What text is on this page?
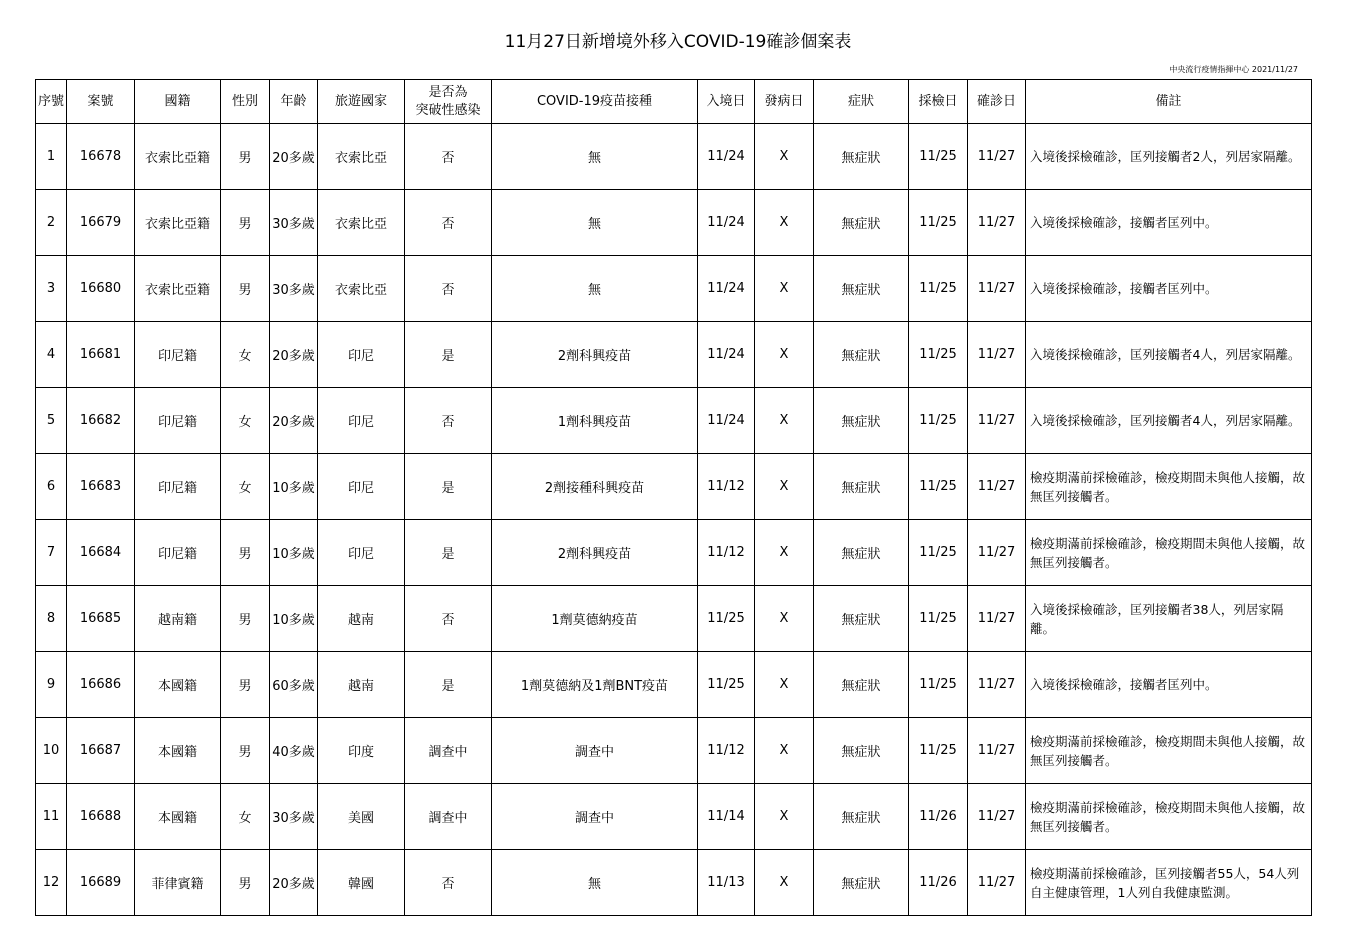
11月27日新增境外移入COVID-19確診個案表
中央流行疫情指揮中心 2021/11/27
序號	案號	國籍	性別	年齡	旅遊國家	是否為
突破性感染	COVID-19疫苗接種	入境日	發病日	症狀	採檢日	確診日	備註
1	16678	衣索比亞籍	男	20多歲	衣索比亞	否	無	11/24	X	無症狀	11/25	11/27	入境後採檢確診，匡列接觸者2人，列居家隔離。
2	16679	衣索比亞籍	男	30多歲	衣索比亞	否	無	11/24	X	無症狀	11/25	11/27	入境後採檢確診，接觸者匡列中。
3	16680	衣索比亞籍	男	30多歲	衣索比亞	否	無	11/24	X	無症狀	11/25	11/27	入境後採檢確診，接觸者匡列中。
4	16681	印尼籍	女	20多歲	印尼	是	2劑科興疫苗	11/24	X	無症狀	11/25	11/27	入境後採檢確診，匡列接觸者4人，列居家隔離。
5	16682	印尼籍	女	20多歲	印尼	否	1劑科興疫苗	11/24	X	無症狀	11/25	11/27	入境後採檢確診，匡列接觸者4人，列居家隔離。
6	16683	印尼籍	女	10多歲	印尼	是	2劑接種科興疫苗	11/12	X	無症狀	11/25	11/27	檢疫期滿前採檢確診，檢疫期間未與他人接觸，故無匡列接觸者。
7	16684	印尼籍	男	10多歲	印尼	是	2劑科興疫苗	11/12	X	無症狀	11/25	11/27	檢疫期滿前採檢確診，檢疫期間未與他人接觸，故無匡列接觸者。
8	16685	越南籍	男	10多歲	越南	否	1劑莫德納疫苗	11/25	X	無症狀	11/25	11/27	入境後採檢確診，匡列接觸者38人，列居家隔離。
9	16686	本國籍	男	60多歲	越南	是	1劑莫德納及1劑BNT疫苗	11/25	X	無症狀	11/25	11/27	入境後採檢確診，接觸者匡列中。
10	16687	本國籍	男	40多歲	印度	調查中	調查中	11/12	X	無症狀	11/25	11/27	檢疫期滿前採檢確診，檢疫期間未與他人接觸，故無匡列接觸者。
11	16688	本國籍	女	30多歲	美國	調查中	調查中	11/14	X	無症狀	11/26	11/27	檢疫期滿前採檢確診，檢疫期間未與他人接觸，故無匡列接觸者。
12	16689	菲律賓籍	男	20多歲	韓國	否	無	11/13	X	無症狀	11/26	11/27	檢疫期滿前採檢確診，匡列接觸者55人，54人列自主健康管理，1人列自我健康監測。
